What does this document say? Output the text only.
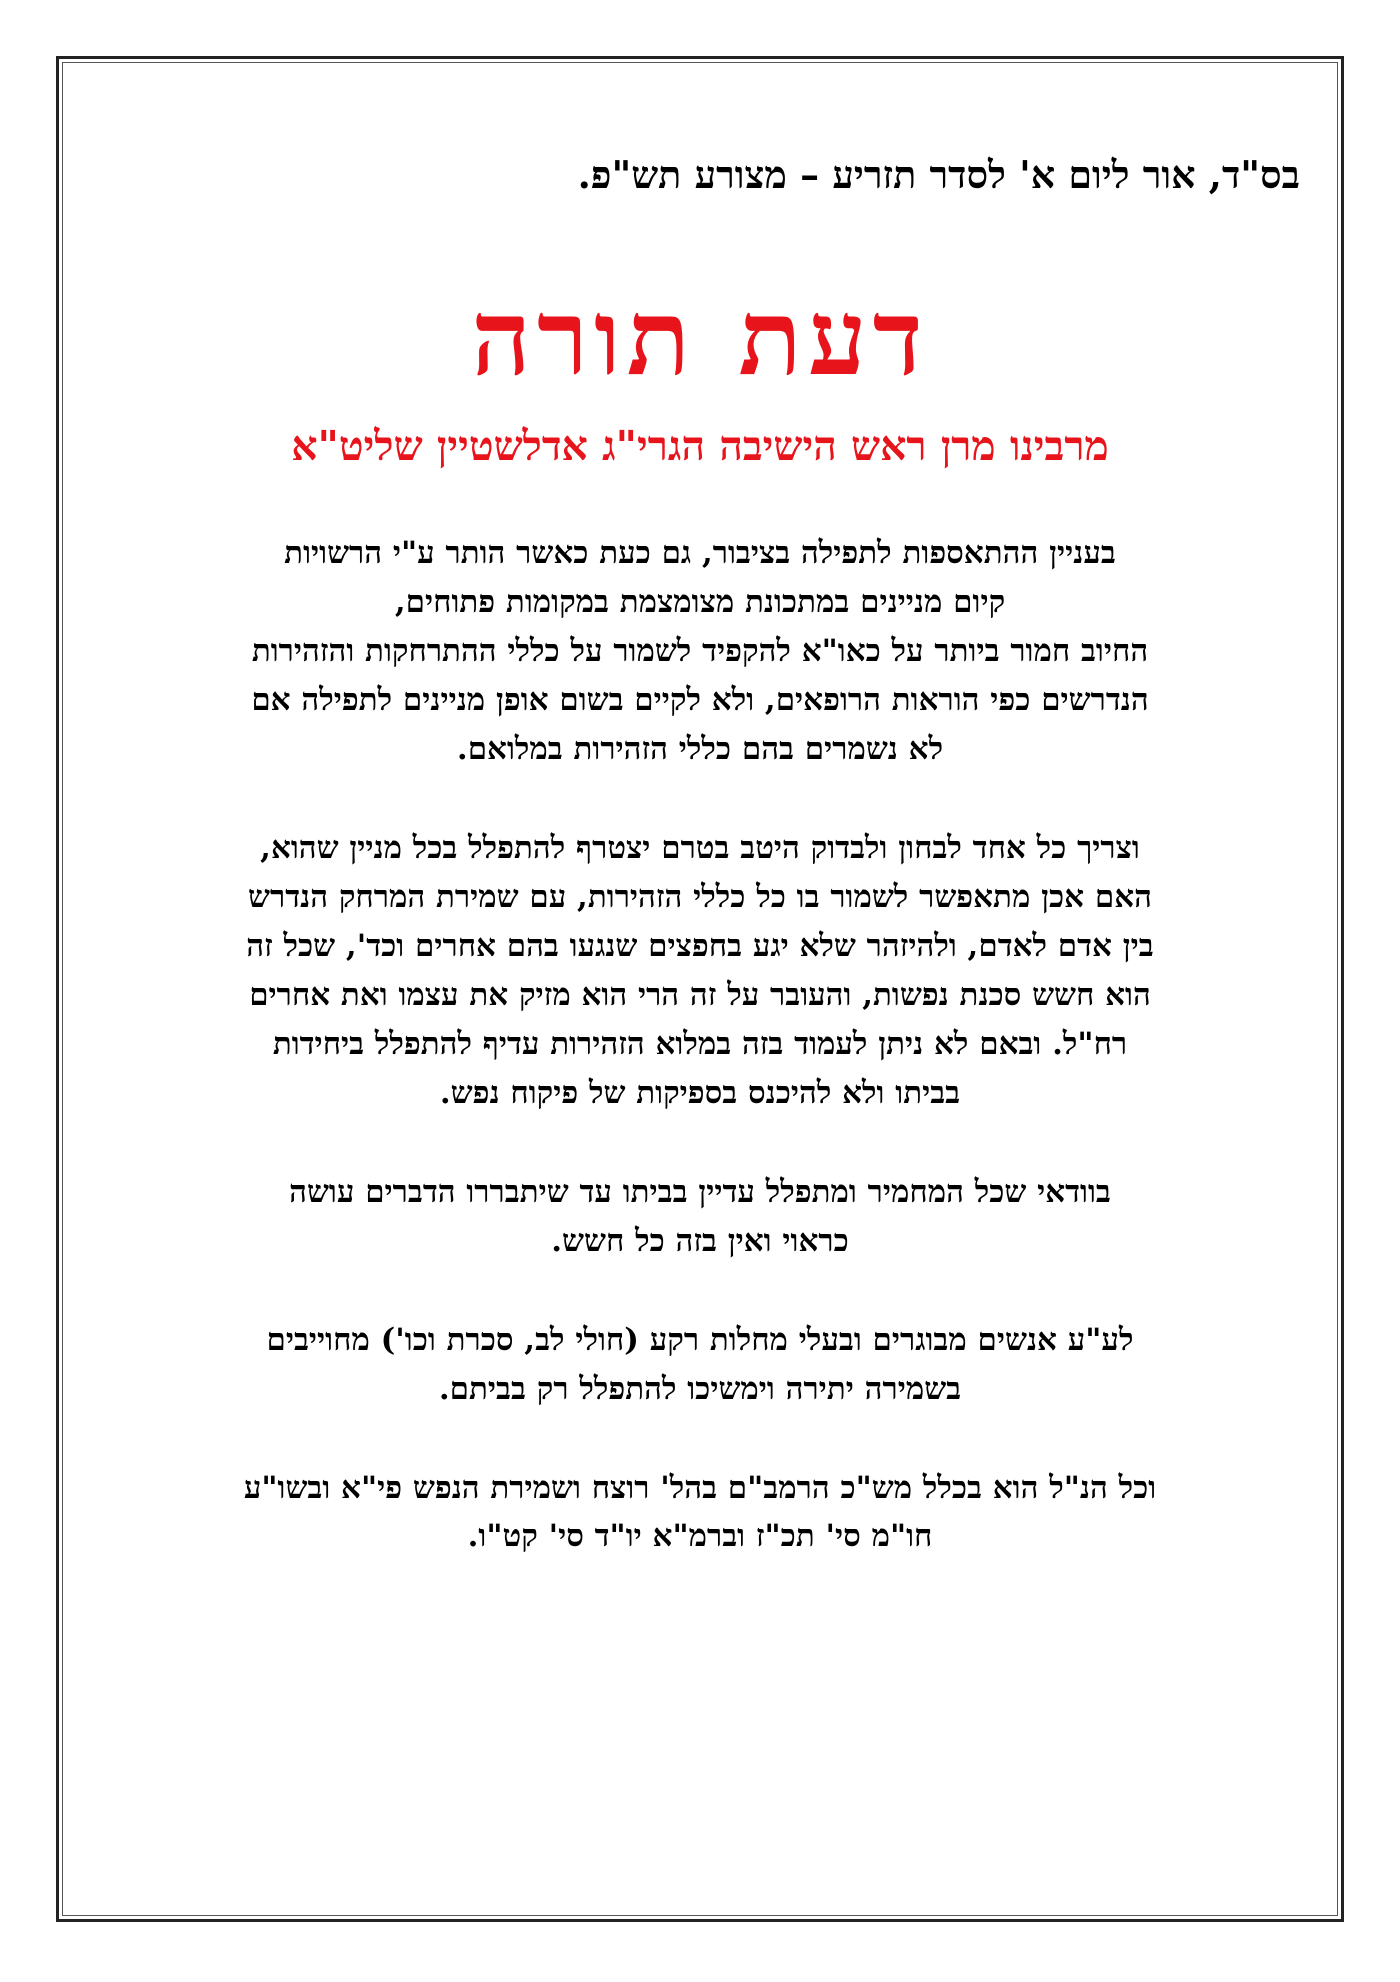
בס"ד, אור ליום א' לסדר תזריע – מצורע תש"פ.
דעת תורה
מרבינו מרן ראש הישיבה הגרי"ג אדלשטיין שליט"א

בעניין ההתאספות לתפילה בציבור, גם כעת כאשר הותר ע"י הרשויות
קיום מניינים במתכונת מצומצמת במקומות פתוחים,
החיוב חמור ביותר על כאו"א להקפיד לשמור על כללי ההתרחקות והזהירות
הנדרשים כפי הוראות הרופאים, ולא לקיים בשום אופן מניינים לתפילה אם
לא נשמרים בהם כללי הזהירות במלואם.

וצריך כל אחד לבחון ולבדוק היטב בטרם יצטרף להתפלל בכל מניין שהוא,
האם אכן מתאפשר לשמור בו כל כללי הזהירות, עם שמירת המרחק הנדרש
בין אדם לאדם, ולהיזהר שלא יגע בחפצים שנגעו בהם אחרים וכד', שכל זה
הוא חשש סכנת נפשות, והעובר על זה הרי הוא מזיק את עצמו ואת אחרים
רח"ל. ובאם לא ניתן לעמוד בזה במלוא הזהירות עדיף להתפלל ביחידות
בביתו ולא להיכנס בספיקות של פיקוח נפש.

בוודאי שכל המחמיר ומתפלל עדיין בביתו עד שיתבררו הדברים עושה
כראוי ואין בזה כל חשש.

לע"ע אנשים מבוגרים ובעלי מחלות רקע (חולי לב, סכרת וכו') מחוייבים
בשמירה יתירה וימשיכו להתפלל רק בביתם.

וכל הנ"ל הוא בכלל מש"כ הרמב"ם בהל' רוצח ושמירת הנפש פי"א ובשו"ע
חו"מ סי' תכ"ז וברמ"א יו"ד סי' קט"ו.
